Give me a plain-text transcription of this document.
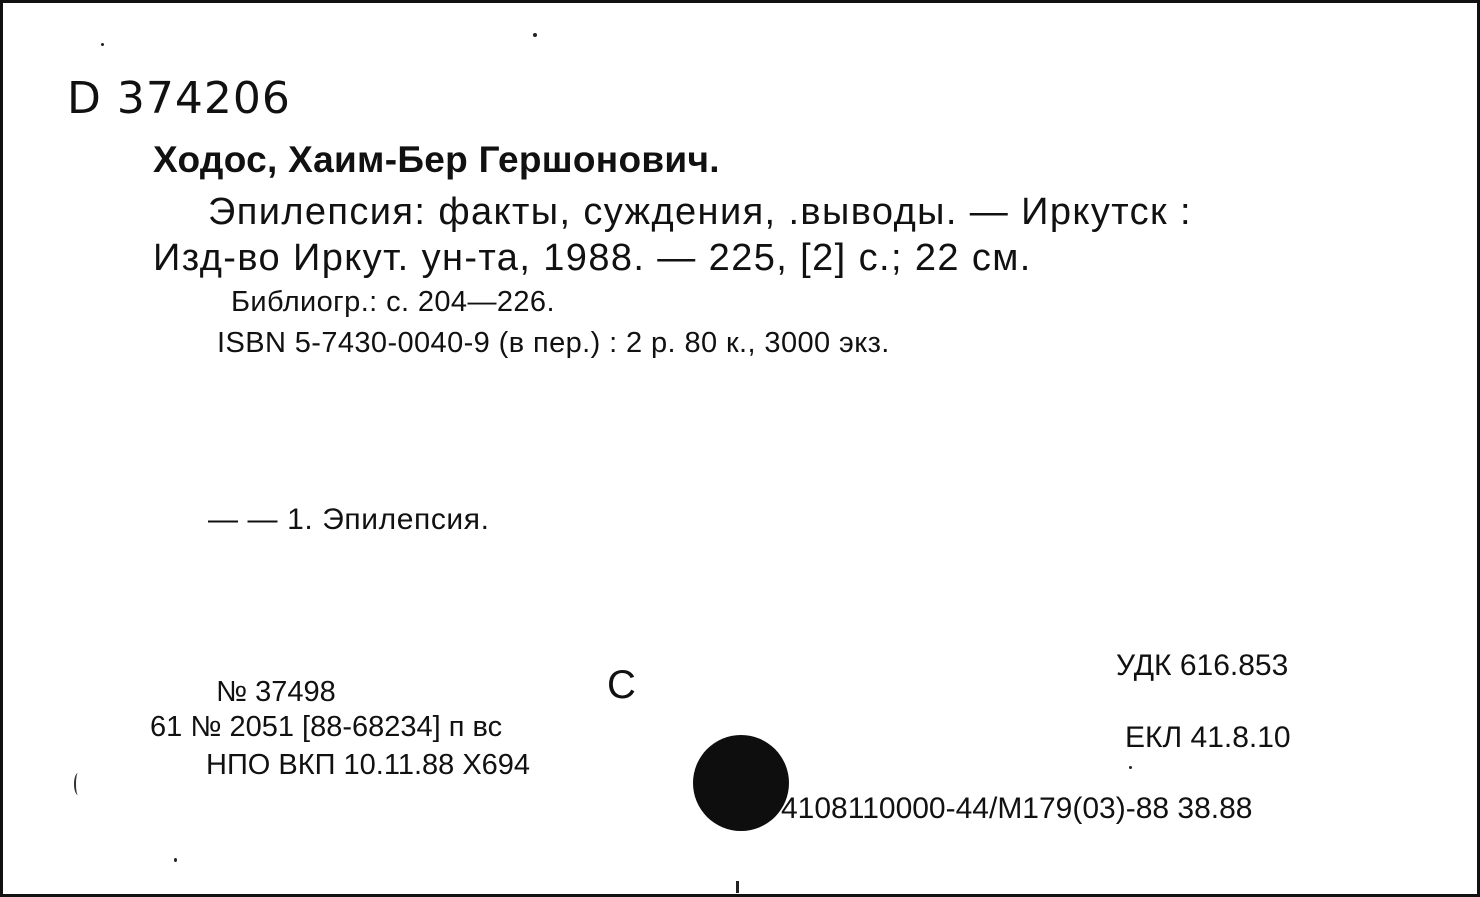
D 374206
Ходос, Хаим-Бер Гершонович.
Эпилепсия: факты, суждения, .выводы. — Иркутск :
Изд-во Иркут. ун-та, 1988. — 225, [2] с.; 22 см.
Библиогр.: с. 204—226.
ISBN 5-7430-0040-9 (в пер.) : 2 р. 80 к., 3000 экз.
— — 1. Эпилепсия.
№ 37498	С
61 № 2051 [88-68234] п вс
НПО ВКП 10.11.88 Х694
УДК 616.853
ЕКЛ 41.8.10
4108110000-44/М179(03)-88 38.88
